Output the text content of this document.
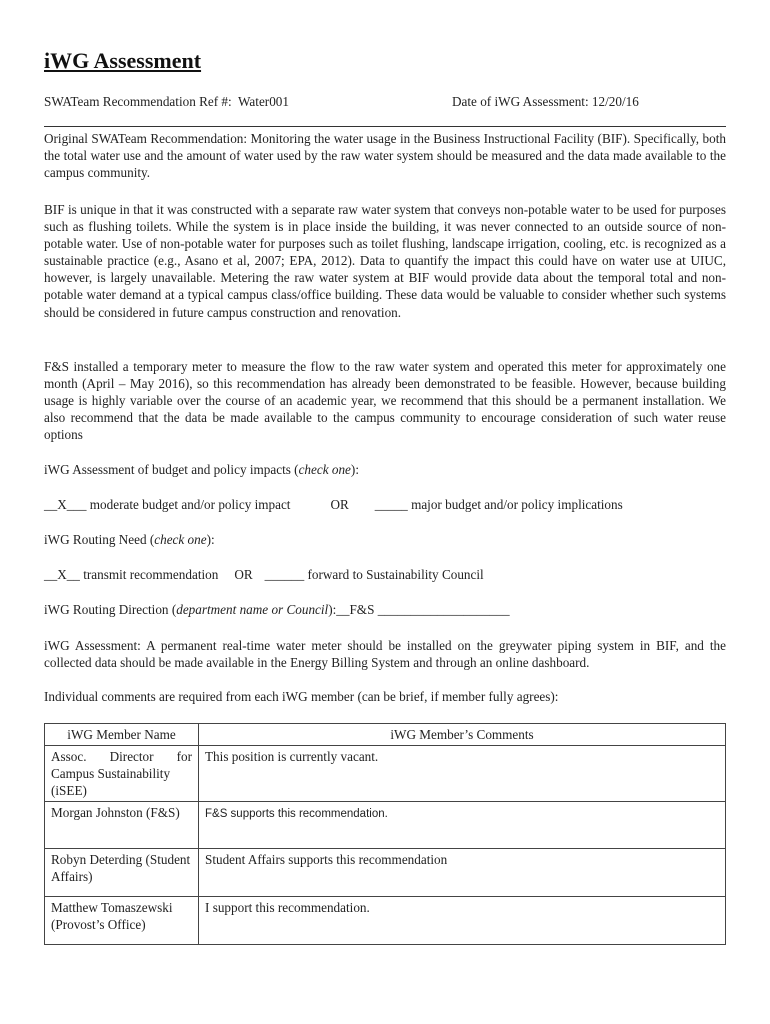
iWG Assessment
SWATeam Recommendation Ref #: Water001	Date of iWG Assessment: 12/20/16

Original SWATeam Recommendation: Monitoring the water usage in the Business Instructional Facility (BIF). Specifically, both the total water use and the amount of water used by the raw water system should be measured and the data made available to the campus community.

BIF is unique in that it was constructed with a separate raw water system that conveys non-potable water to be used for purposes such as flushing toilets. While the system is in place inside the building, it was never connected to an outside source of non-potable water. Use of non-potable water for purposes such as toilet flushing, landscape irrigation, cooling, etc. is recognized as a sustainable practice (e.g., Asano et al, 2007; EPA, 2012). Data to quantify the impact this could have on water use at UIUC, however, is largely unavailable. Metering the raw water system at BIF would provide data about the temporal total and non-potable water demand at a typical campus class/office building. These data would be valuable to consider whether such systems should be considered in future campus construction and renovation.

F&S installed a temporary meter to measure the flow to the raw water system and operated this meter for approximately one month (April – May 2016), so this recommendation has already been demonstrated to be feasible. However, because building usage is highly variable over the course of an academic year, we recommend that this should be a permanent installation. We also recommend that the data be made available to the campus community to encourage consideration of such water reuse options

iWG Assessment of budget and policy impacts (check one):

__X___ moderate budget and/or policy impact	OR _____ major budget and/or policy implications

iWG Routing Need (check one):

__X__ transmit recommendation OR ______ forward to Sustainability Council

iWG Routing Direction (department name or Council):__F&S ____________________

iWG Assessment: A permanent real-time water meter should be installed on the greywater piping system in BIF, and the collected data should be made available in the Energy Billing System and through an online dashboard.

Individual comments are required from each iWG member (can be brief, if member fully agrees):

iWG Member Name	iWG Member’s Comments

Assoc. Director for
Campus Sustainability (iSEE)	This position is currently vacant.
Morgan Johnston (F&S)	F&S supports this recommendation.
Robyn Deterding (Student Affairs)	Student Affairs supports this recommendation
Matthew Tomaszewski (Provost’s Office)	I support this recommendation.
